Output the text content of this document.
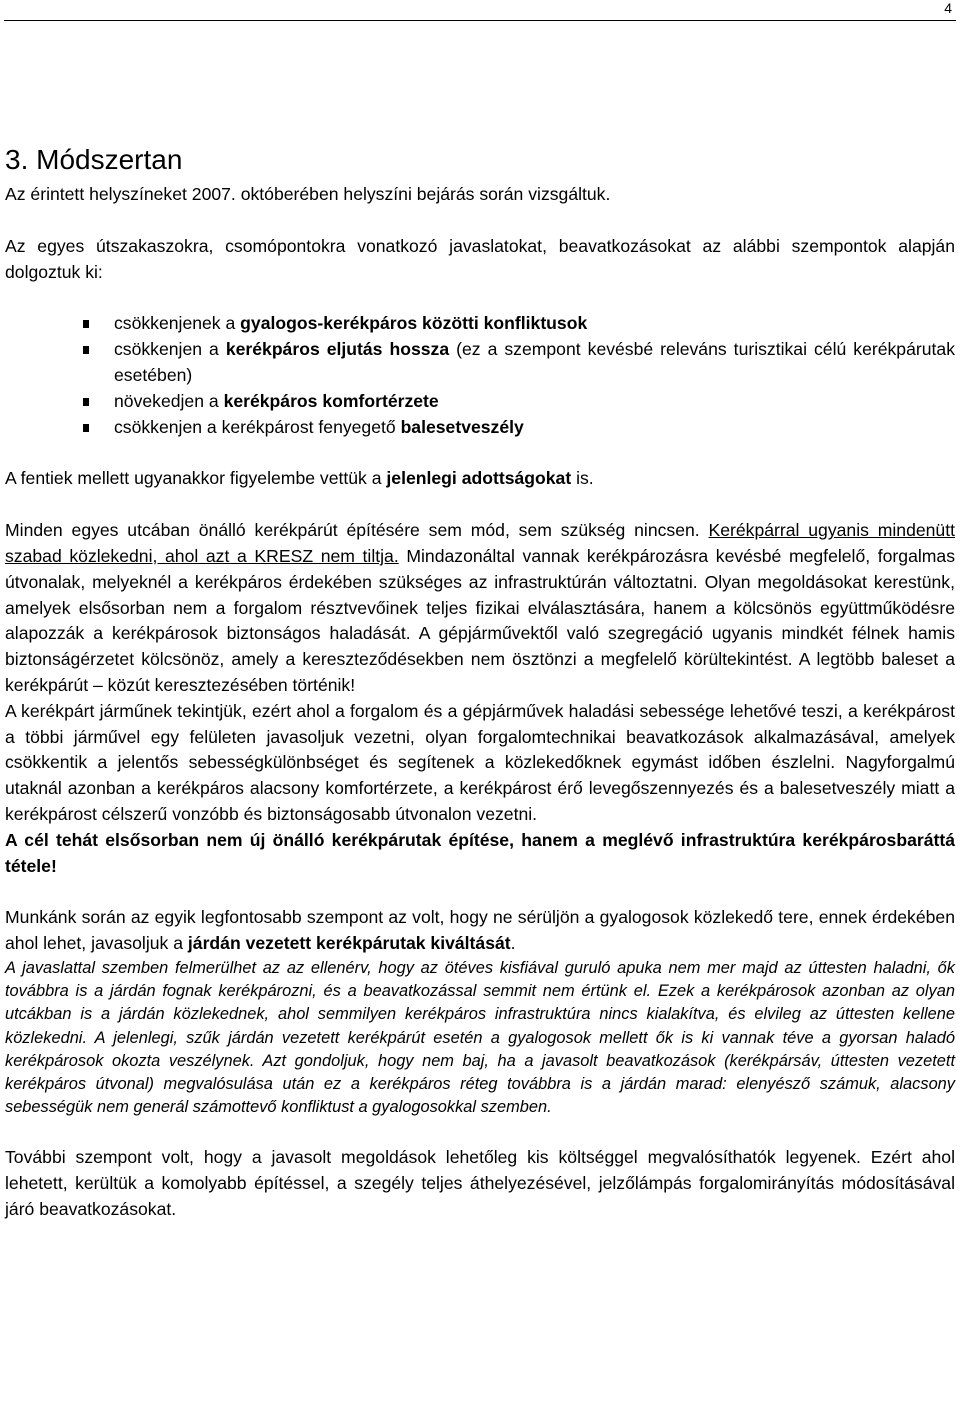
4
3. Módszertan

Az érintett helyszíneket 2007. októberében helyszíni bejárás során vizsgáltuk.

Az egyes útszakaszokra, csomópontokra vonatkozó javaslatokat, beavatkozásokat az alábbi szempontok alapján dolgoztuk ki:

csökkenjenek a gyalogos-kerékpáros közötti konfliktusok
csökkenjen a kerékpáros eljutás hossza (ez a szempont kevésbé releváns turisztikai célú kerékpárutak esetében)
növekedjen a kerékpáros komfortérzete
csökkenjen a kerékpárost fenyegető balesetveszély

A fentiek mellett ugyanakkor figyelembe vettük a jelenlegi adottságokat is.

Minden egyes utcában önálló kerékpárút építésére sem mód, sem szükség nincsen. Kerékpárral ugyanis mindenütt szabad közlekedni, ahol azt a KRESZ nem tiltja. Mindazonáltal vannak kerékpározásra kevésbé megfelelő, forgalmas útvonalak, melyeknél a kerékpáros érdekében szükséges az infrastruktúrán változtatni. Olyan megoldásokat kerestünk, amelyek elsősorban nem a forgalom résztvevőinek teljes fizikai elválasztására, hanem a kölcsönös együttműködésre alapozzák a kerékpárosok biztonságos haladását. A gépjárművektől való szegregáció ugyanis mindkét félnek hamis biztonságérzetet kölcsönöz, amely a kereszteződésekben nem ösztönzi a megfelelő körültekintést. A legtöbb baleset a kerékpárút – közút keresztezésében történik!

A kerékpárt járműnek tekintjük, ezért ahol a forgalom és a gépjárművek haladási sebessége lehetővé teszi, a kerékpárost a többi járművel egy felületen javasoljuk vezetni, olyan forgalomtechnikai beavatkozások alkalmazásával, amelyek csökkentik a jelentős sebességkülönbséget és segítenek a közlekedőknek egymást időben észlelni. Nagyforgalmú utaknál azonban a kerékpáros alacsony komfortérzete, a kerékpárost érő levegőszennyezés és a balesetveszély miatt a kerékpárost célszerű vonzóbb és biztonságosabb útvonalon vezetni.

A cél tehát elsősorban nem új önálló kerékpárutak építése, hanem a meglévő infrastruktúra kerékpárosbaráttá tétele!

Munkánk során az egyik legfontosabb szempont az volt, hogy ne sérüljön a gyalogosok közlekedő tere, ennek érdekében ahol lehet, javasoljuk a járdán vezetett kerékpárutak kiváltását.

A javaslattal szemben felmerülhet az az ellenérv, hogy az ötéves kisfiával guruló apuka nem mer majd az úttesten haladni, ők továbbra is a járdán fognak kerékpározni, és a beavatkozással semmit nem értünk el. Ezek a kerékpárosok azonban az olyan utcákban is a járdán közlekednek, ahol semmilyen kerékpáros infrastruktúra nincs kialakítva, és elvileg az úttesten kellene közlekedni. A jelenlegi, szűk járdán vezetett kerékpárút esetén a gyalogosok mellett ők is ki vannak téve a gyorsan haladó kerékpárosok okozta veszélynek. Azt gondoljuk, hogy nem baj, ha a javasolt beavatkozások (kerékpársáv, úttesten vezetett kerékpáros útvonal) megvalósulása után ez a kerékpáros réteg továbbra is a járdán marad: elenyésző számuk, alacsony sebességük nem generál számottevő konfliktust a gyalogosokkal szemben.

További szempont volt, hogy a javasolt megoldások lehetőleg kis költséggel megvalósíthatók legyenek. Ezért ahol lehetett, kerültük a komolyabb építéssel, a szegély teljes áthelyezésével, jelzőlámpás forgalomirányítás módosításával járó beavatkozásokat.
